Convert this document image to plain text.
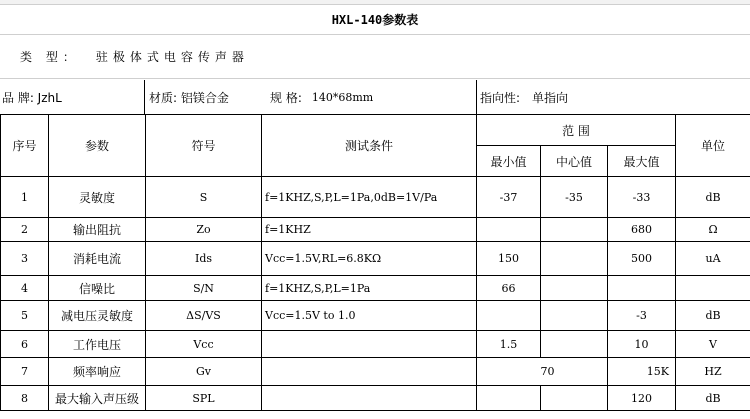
HXL-140参数表
类 型： 驻极体式电容传声器
品 牌: JzhL	材质: 铝镁合金	规 格: 140*68mm	指向性: 单指向
序号	参数	符号	测试条件	范 围			单位
				最小值	中心值	最大值	
1	灵敏度	S	f=1KHZ,S,P,L=1Pa,0dB=1V/Pa	-37	-35	-33	dB
2	输出阻抗	Zo	f=1KHZ			680	Ω
3	消耗电流	Ids	Vcc=1.5V,RL=6.8KΩ	150		500	uA
4	信噪比	S/N	f=1KHZ,S,P,L=1Pa	66			
5	减电压灵敏度	ΔS/VS	Vcc=1.5V to 1.0			-3	dB
6	工作电压	Vcc		1.5		10	V
7	频率响应	Gv			70	15K	HZ
8	最大输入声压级	SPL				120	dB
